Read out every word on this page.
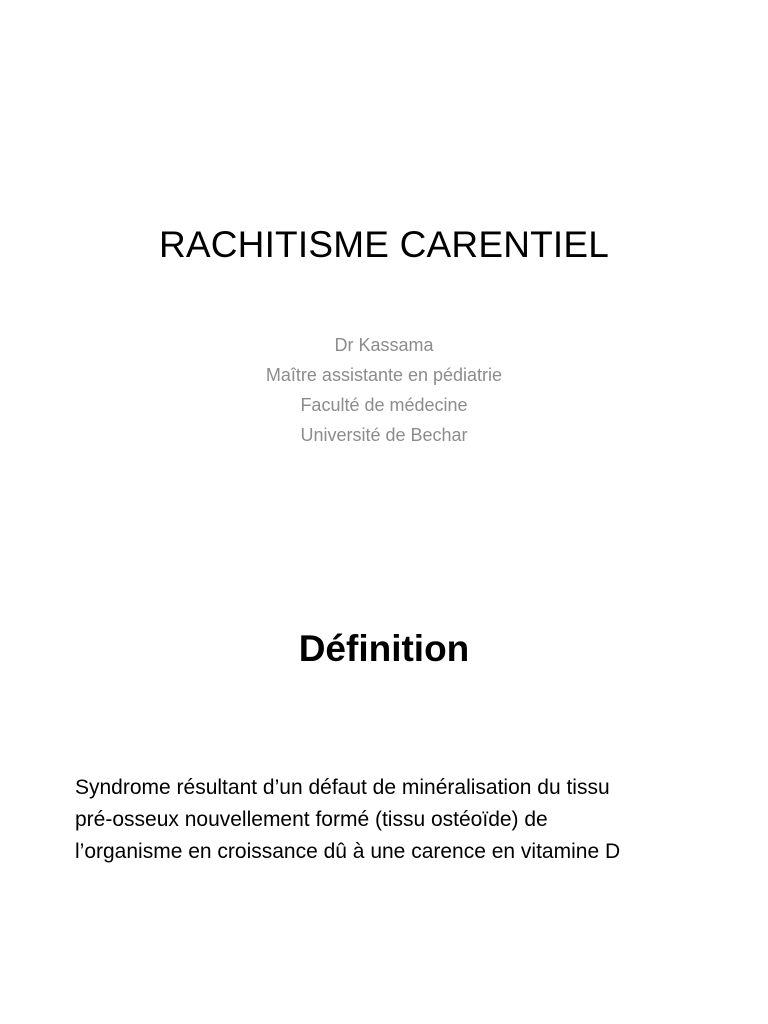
RACHITISME CARENTIEL
Dr Kassama
Maître assistante en pédiatrie
Faculté de médecine
Université de Bechar
Définition

Syndrome résultant d’un défaut de minéralisation du tissu
pré-osseux nouvellement formé (tissu ostéoïde) de
l’organisme en croissance dû à une carence en vitamine D
